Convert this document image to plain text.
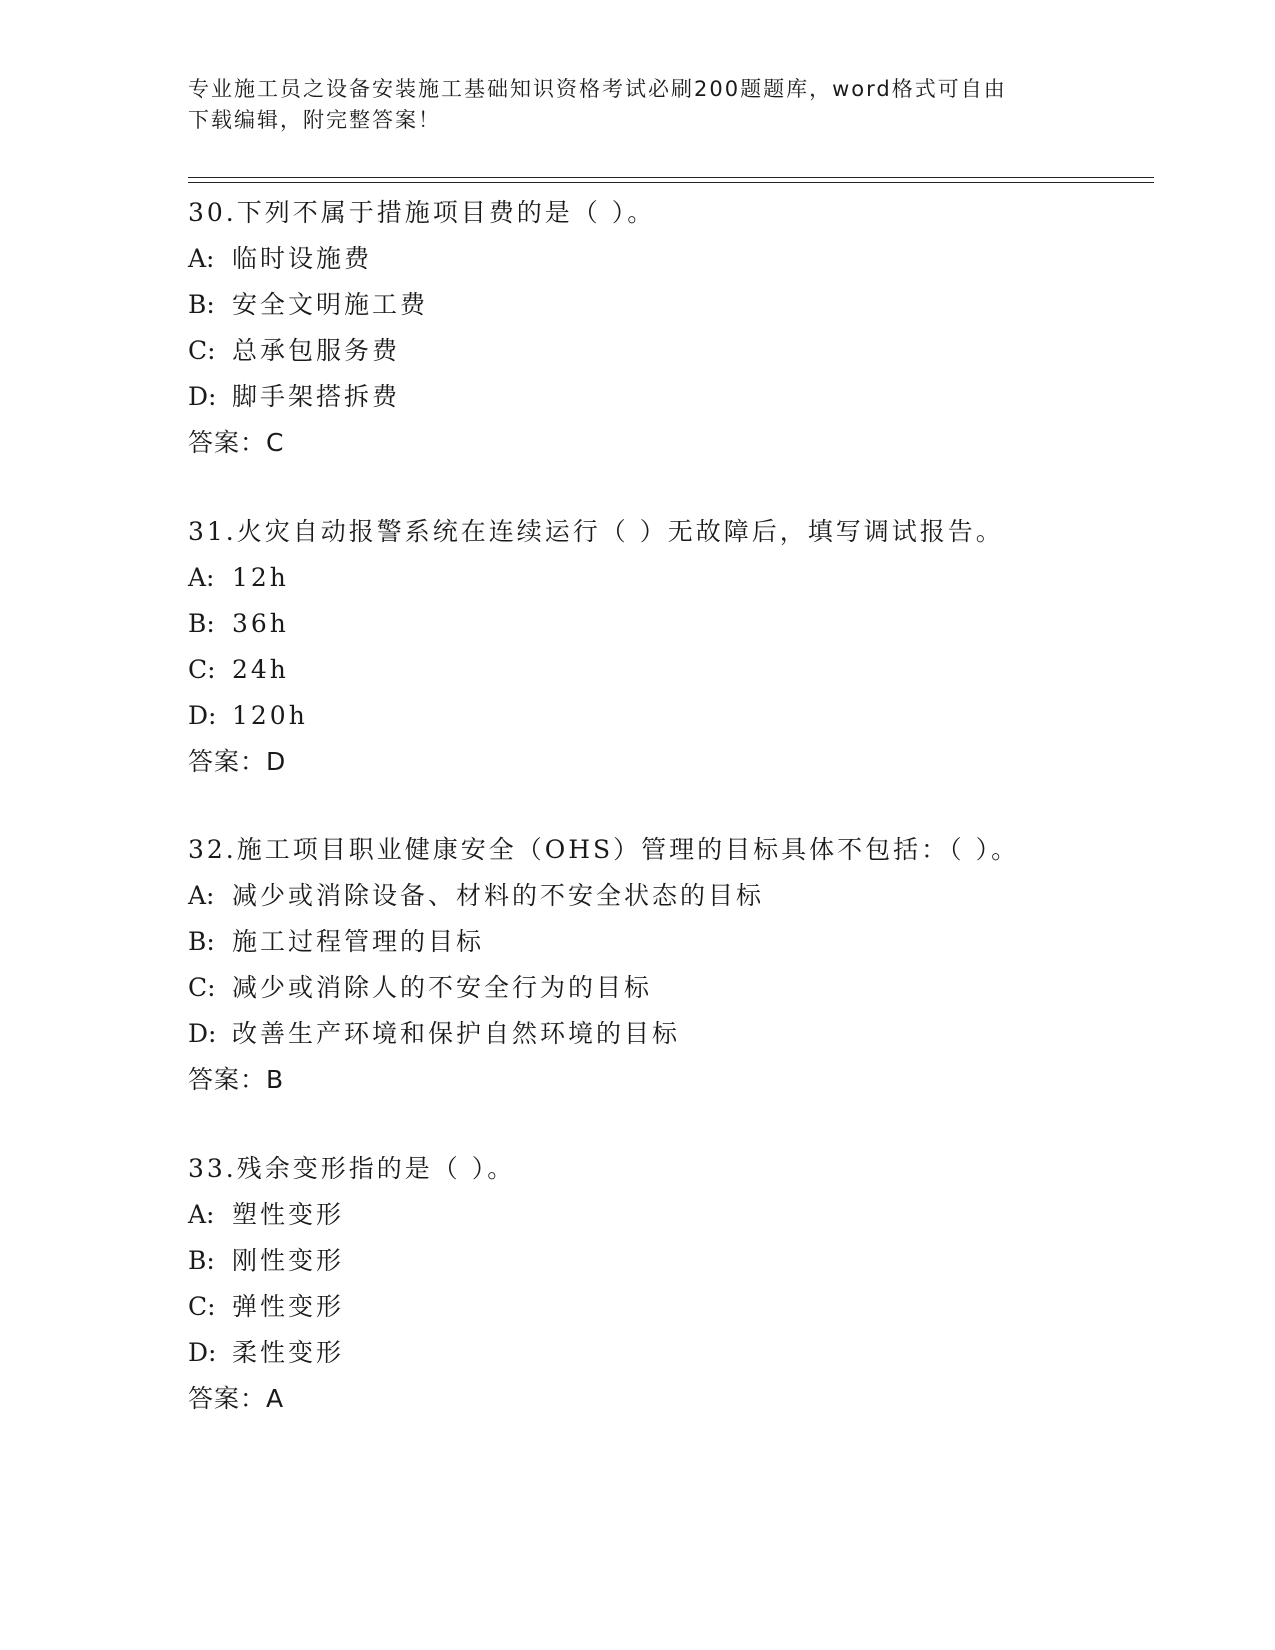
专业施工员之设备安装施工基础知识资格考试必刷200题题库，word格式可自由
下载编辑，附完整答案！
30.下列不属于措施项目费的是（ ）。
A: 临时设施费
B: 安全文明施工费
C: 总承包服务费
D: 脚手架搭拆费
答案：C
31.火灾自动报警系统在连续运行（ ）无故障后，填写调试报告。
A: 12h
B: 36h
C: 24h
D: 120h
答案：D
32.施工项目职业健康安全（OHS）管理的目标具体不包括：（ ）。
A: 减少或消除设备、材料的不安全状态的目标
B: 施工过程管理的目标
C: 减少或消除人的不安全行为的目标
D: 改善生产环境和保护自然环境的目标
答案：B
33.残余变形指的是（ ）。
A: 塑性变形
B: 刚性变形
C: 弹性变形
D: 柔性变形
答案：A
